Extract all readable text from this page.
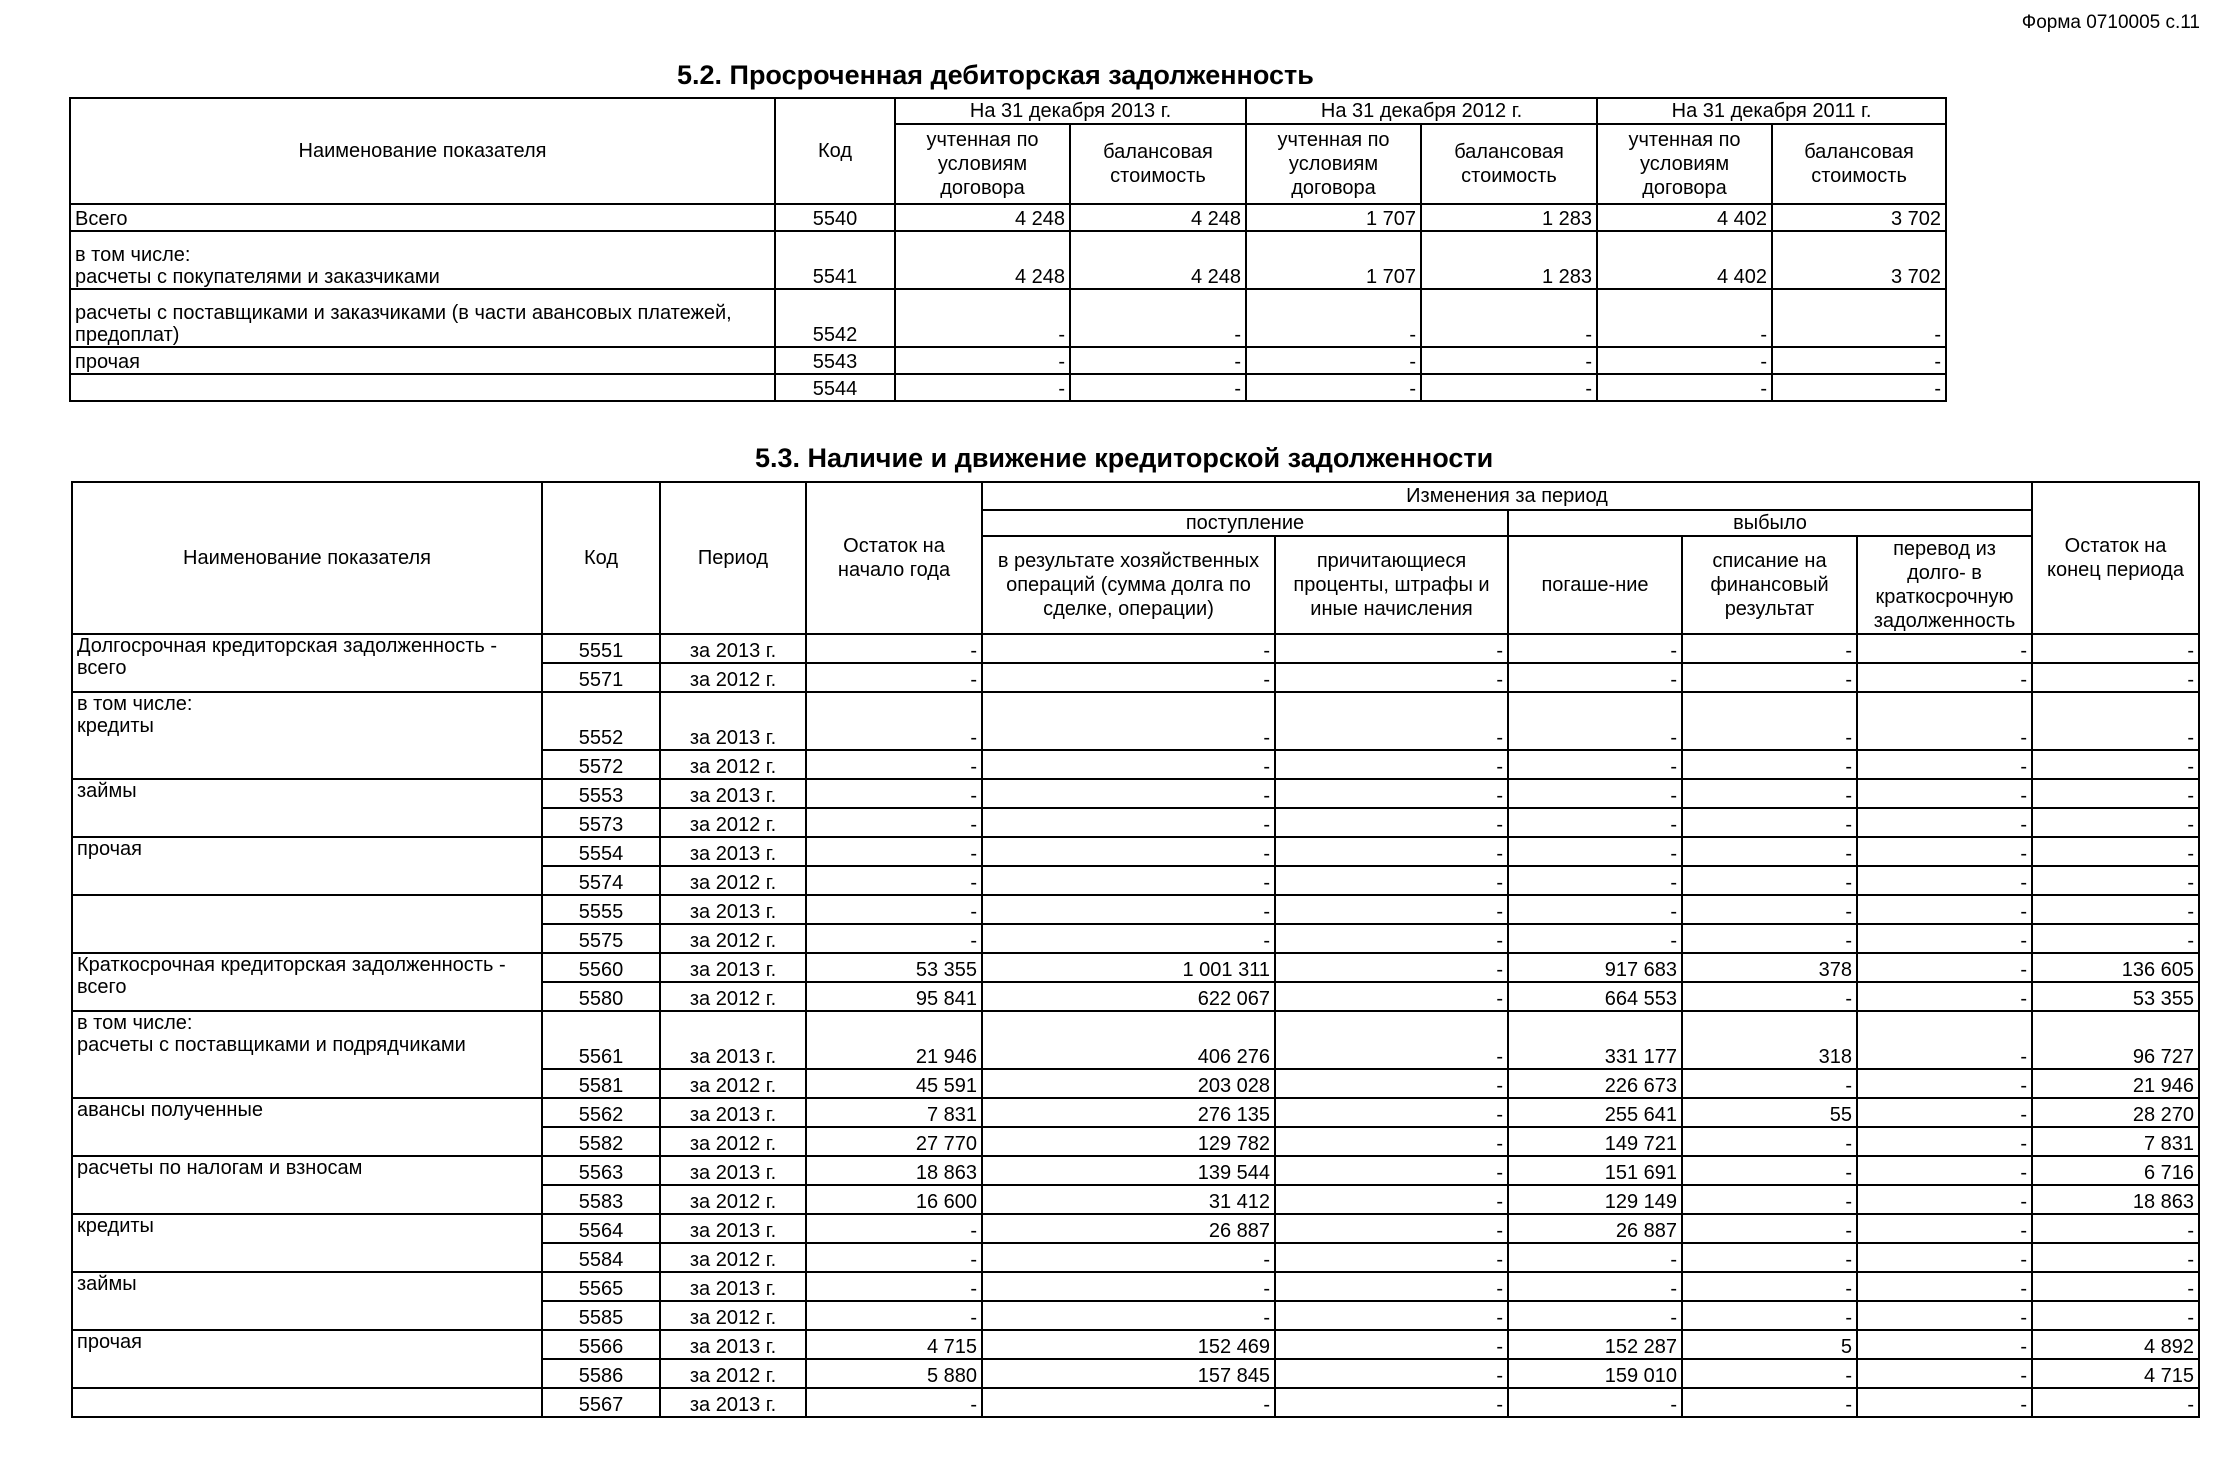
Форма 0710005 с.11
5.2. Просроченная дебиторская задолженность
Наименование показателя	Код	На 31 декабря 2013 г.		На 31 декабря 2012 г.		На 31 декабря 2011 г.	
		учтенная по условиям договора	балансовая стоимость	учтенная по условиям договора	балансовая стоимость	учтенная по условиям договора	балансовая стоимость

Всего	5540	4 248	4 248	1 707	1 283	4 402	3 702

в том числе:
расчеты с покупателями и заказчиками	5541	4 248	4 248	1 707	1 283	4 402	3 702

расчеты с поставщиками и заказчиками (в части авансовых платежей, предоплат)	5542	-	-	-	-	-	-

прочая	5543	-	-	-	-	-	-

	5544	-	-	-	-	-	-
5.3. Наличие и движение кредиторской задолженности
Наименование показателя	Код	Период	Остаток на начало года	Изменения за период					Остаток на конец периода
				поступление		выбыло			
				в результате хозяйственных операций (сумма долга по сделке, операции)	причитающиеся проценты, штрафы и иные начисления	погаше-ние	списание на финансовый результат	перевод из долго- в краткосрочную задолженность	

Долгосрочная кредиторская задолженность - всего	5551	за 2013 г.	-	-	-	-	-	-	-
	5571	за 2012 г.	-	-	-	-	-	-	-

в том числе:
кредиты	5552	за 2013 г.	-	-	-	-	-	-	-
	5572	за 2012 г.	-	-	-	-	-	-	-

займы	5553	за 2013 г.	-	-	-	-	-	-	-
	5573	за 2012 г.	-	-	-	-	-	-	-

прочая	5554	за 2013 г.	-	-	-	-	-	-	-
	5574	за 2012 г.	-	-	-	-	-	-	-

	5555	за 2013 г.	-	-	-	-	-	-	-
	5575	за 2012 г.	-	-	-	-	-	-	-

Краткосрочная кредиторская задолженность - всего	5560	за 2013 г.	53 355	1 001 311	-	917 683	378	-	136 605
	5580	за 2012 г.	95 841	622 067	-	664 553	-	-	53 355

в том числе:
расчеты с поставщиками и подрядчиками	5561	за 2013 г.	21 946	406 276	-	331 177	318	-	96 727
	5581	за 2012 г.	45 591	203 028	-	226 673	-	-	21 946

авансы полученные	5562	за 2013 г.	7 831	276 135	-	255 641	55	-	28 270
	5582	за 2012 г.	27 770	129 782	-	149 721	-	-	7 831

расчеты по налогам и взносам	5563	за 2013 г.	18 863	139 544	-	151 691	-	-	6 716
	5583	за 2012 г.	16 600	31 412	-	129 149	-	-	18 863

кредиты	5564	за 2013 г.	-	26 887	-	26 887	-	-	-
	5584	за 2012 г.	-	-	-	-	-	-	-

займы	5565	за 2013 г.	-	-	-	-	-	-	-
	5585	за 2012 г.	-	-	-	-	-	-	-

прочая	5566	за 2013 г.	4 715	152 469	-	152 287	5	-	4 892
	5586	за 2012 г.	5 880	157 845	-	159 010	-	-	4 715

	5567	за 2013 г.	-	-	-	-	-	-	-
